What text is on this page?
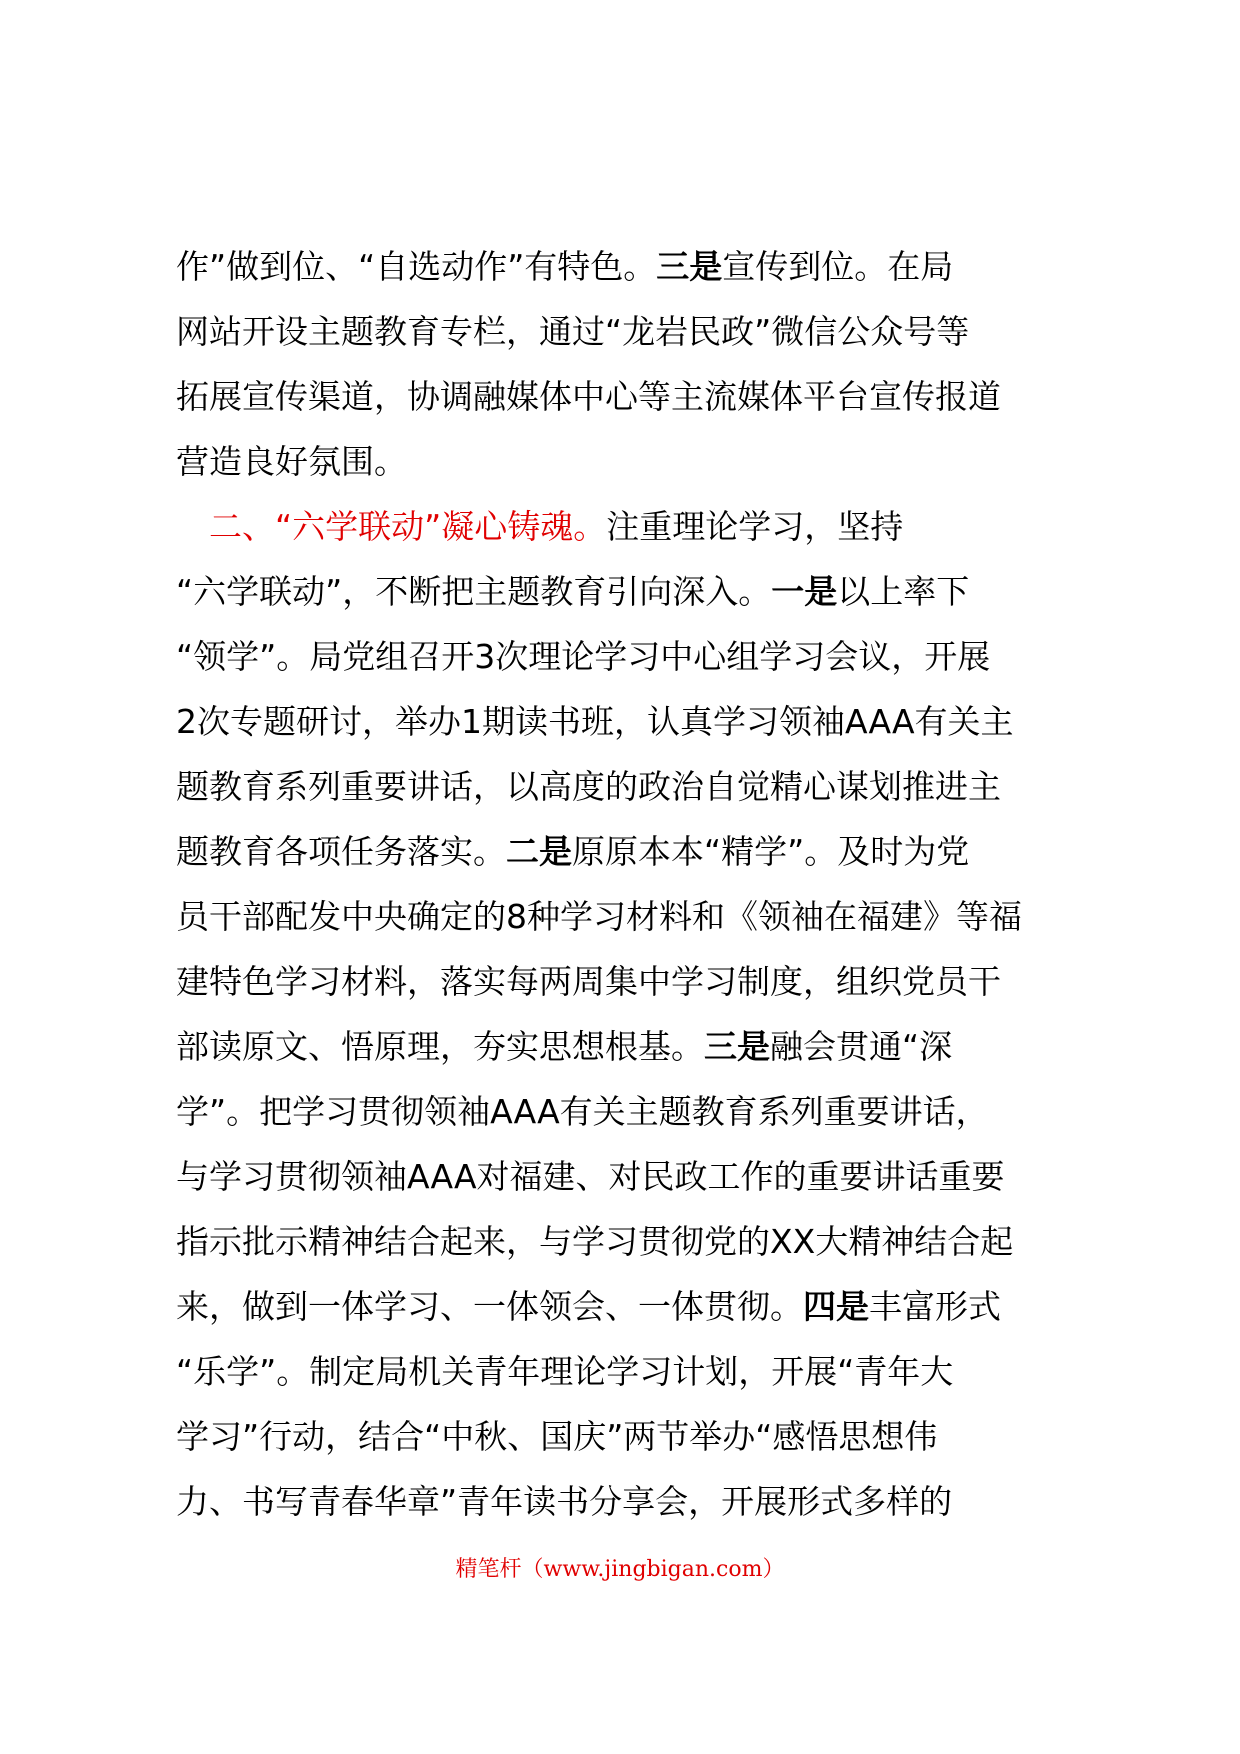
作”做到位、“自选动作”有特色。三是宣传到位。在局
网站开设主题教育专栏，通过“龙岩民政”微信公众号等
拓展宣传渠道，协调融媒体中心等主流媒体平台宣传报道
营造良好氛围。
　二、“六学联动”凝心铸魂。注重理论学习，坚持
“六学联动”，不断把主题教育引向深入。一是以上率下
“领学”。局党组召开3次理论学习中心组学习会议，开展
2次专题研讨，举办1期读书班，认真学习领袖AAA有关主
题教育系列重要讲话，以高度的政治自觉精心谋划推进主
题教育各项任务落实。二是原原本本“精学”。及时为党
员干部配发中央确定的8种学习材料和《领袖在福建》等福
建特色学习材料，落实每两周集中学习制度，组织党员干
部读原文、悟原理，夯实思想根基。三是融会贯通“深
学”。把学习贯彻领袖AAA有关主题教育系列重要讲话，
与学习贯彻领袖AAA对福建、对民政工作的重要讲话重要
指示批示精神结合起来，与学习贯彻党的XX大精神结合起
来，做到一体学习、一体领会、一体贯彻。四是丰富形式
“乐学”。制定局机关青年理论学习计划，开展“青年大
学习”行动，结合“中秋、国庆”两节举办“感悟思想伟
力、书写青春华章”青年读书分享会，开展形式多样的
精笔杆（www.jingbigan.com）
